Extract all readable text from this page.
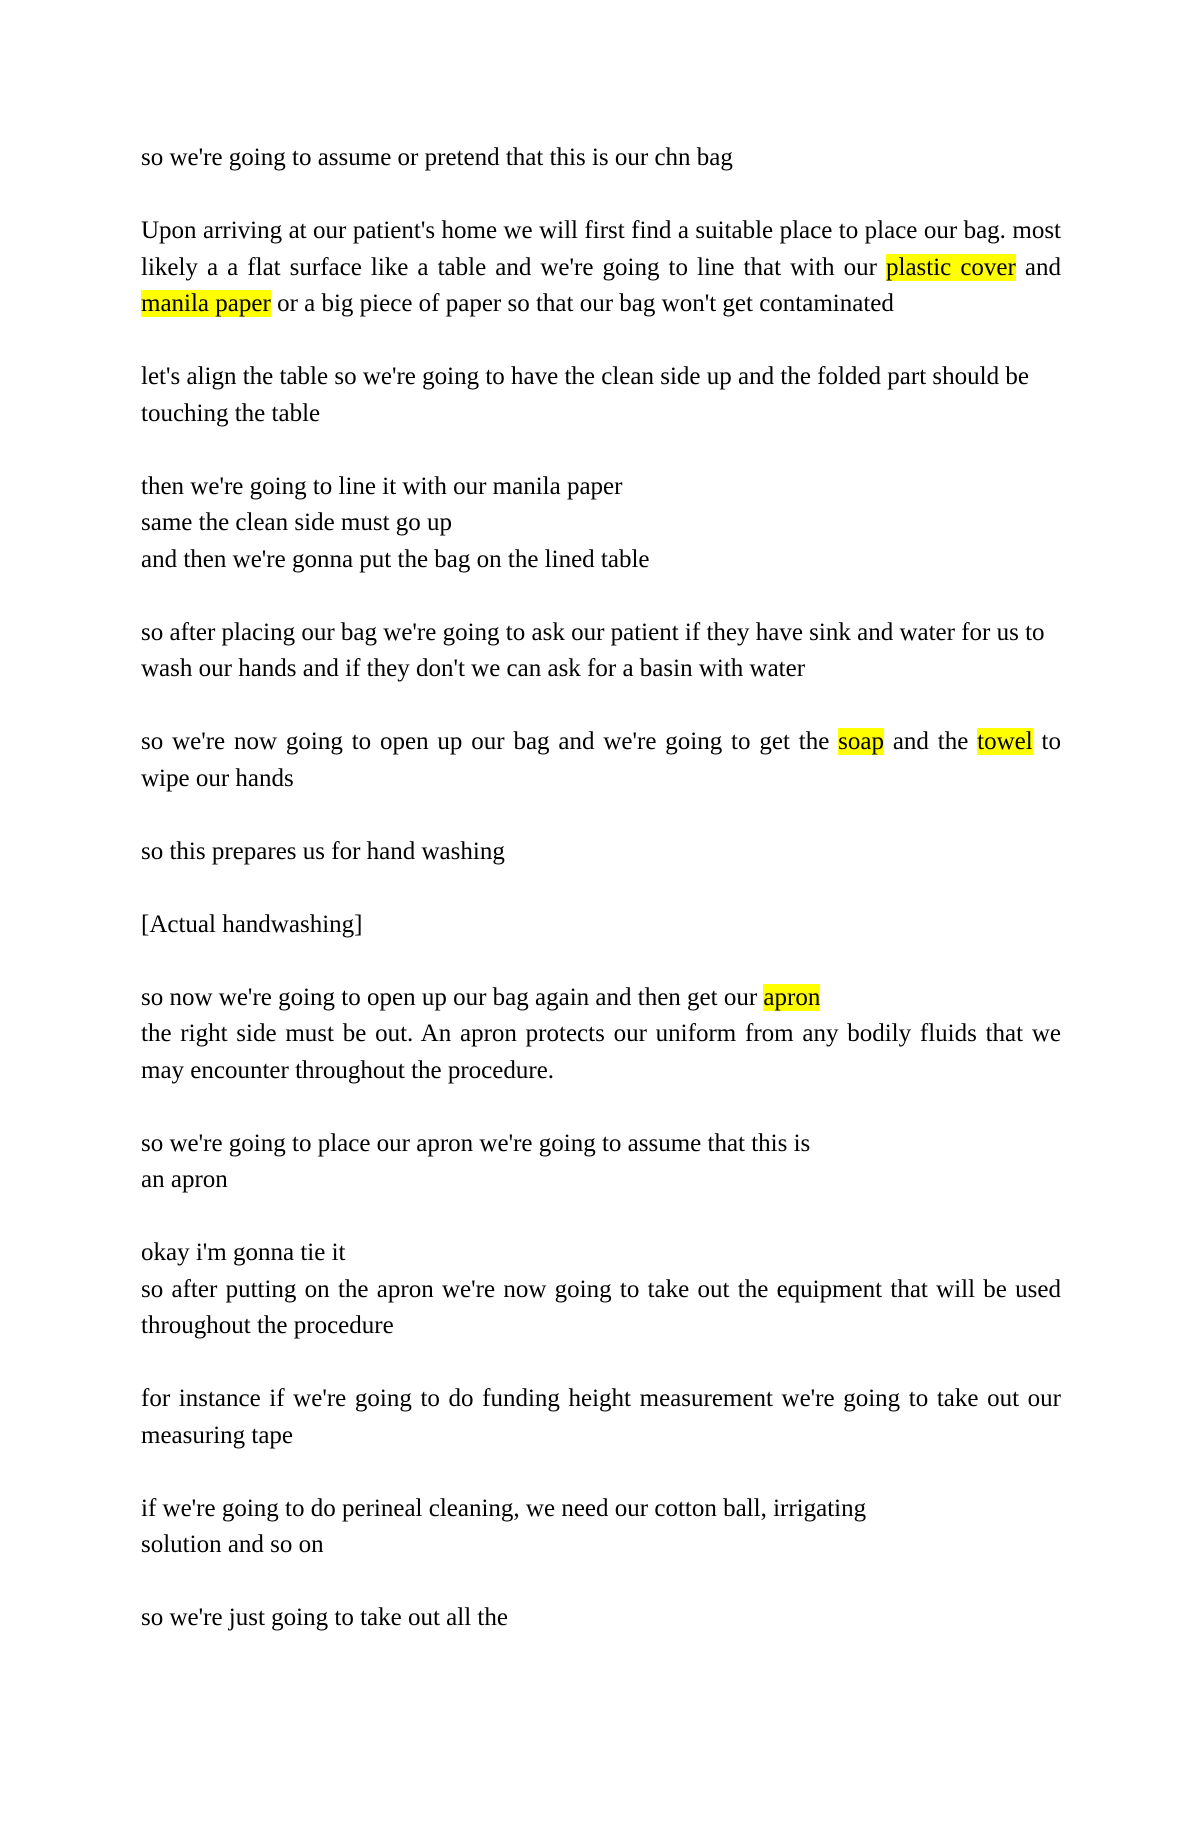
so we're going to assume or pretend that this is our chn bag

Upon arriving at our patient's home we will first find a suitable place to place our bag. most likely a a flat surface like a table and we're going to line that with our plastic cover and manila paper or a big piece of paper so that our bag won't get contaminated

let's align the table so we're going to have the clean side up and the folded part should be touching the table

then we're going to line it with our manila paper
same the clean side must go up
and then we're gonna put the bag on the lined table

so after placing our bag we're going to ask our patient if they have sink and water for us to wash our hands and if they don't we can ask for a basin with water

so we're now going to open up our bag and we're going to get the soap and the towel to wipe our hands

so this prepares us for hand washing

[Actual handwashing]

so now we're going to open up our bag again and then get our apron
the right side must be out. An apron protects our uniform from any bodily fluids that we may encounter throughout the procedure.

so we're going to place our apron we're going to assume that this is
an apron

okay i'm gonna tie it
so after putting on the apron we're now going to take out the equipment that will be used throughout the procedure

for instance if we're going to do funding height measurement we're going to take out our measuring tape

if we're going to do perineal cleaning, we need our cotton ball, irrigating
solution and so on

so we're just going to take out all the
